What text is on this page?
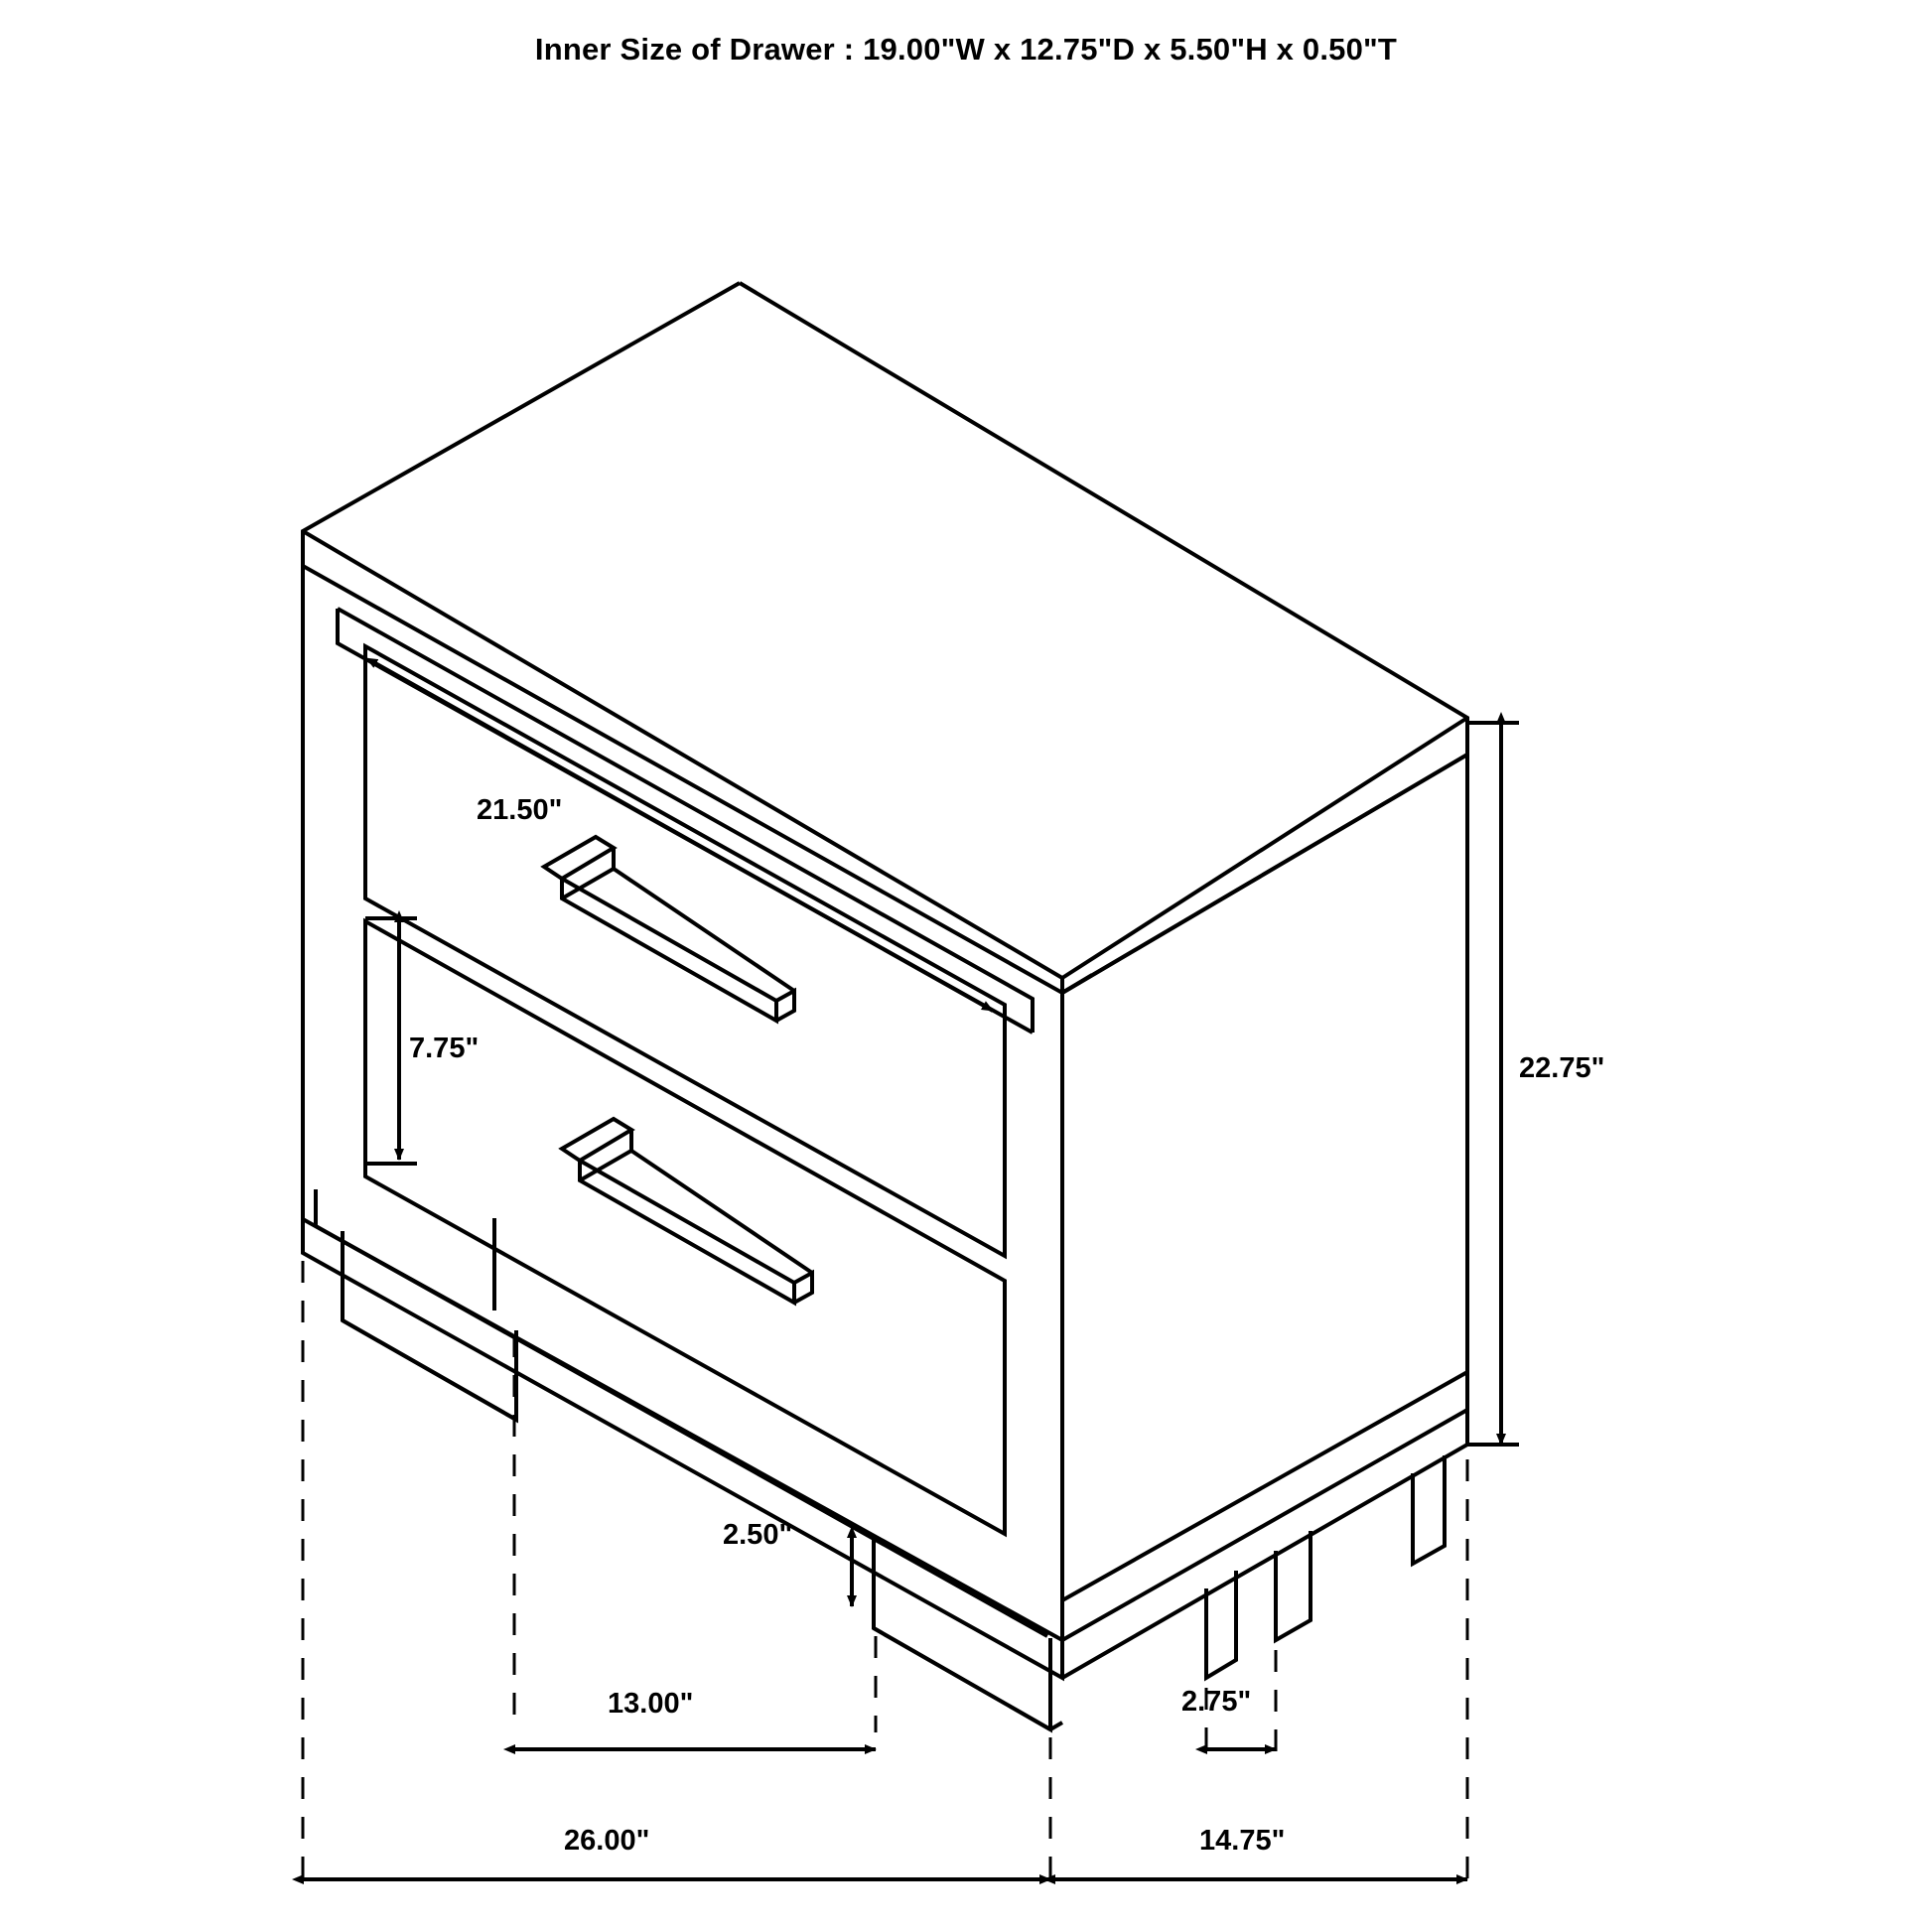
Inner Size of Drawer : 19.00"W x 12.75"D x 5.50"H x 0.50"T
21.50"
7.75"
22.75"
2.50"
13.00"	2.75"
26.00"	14.75"
